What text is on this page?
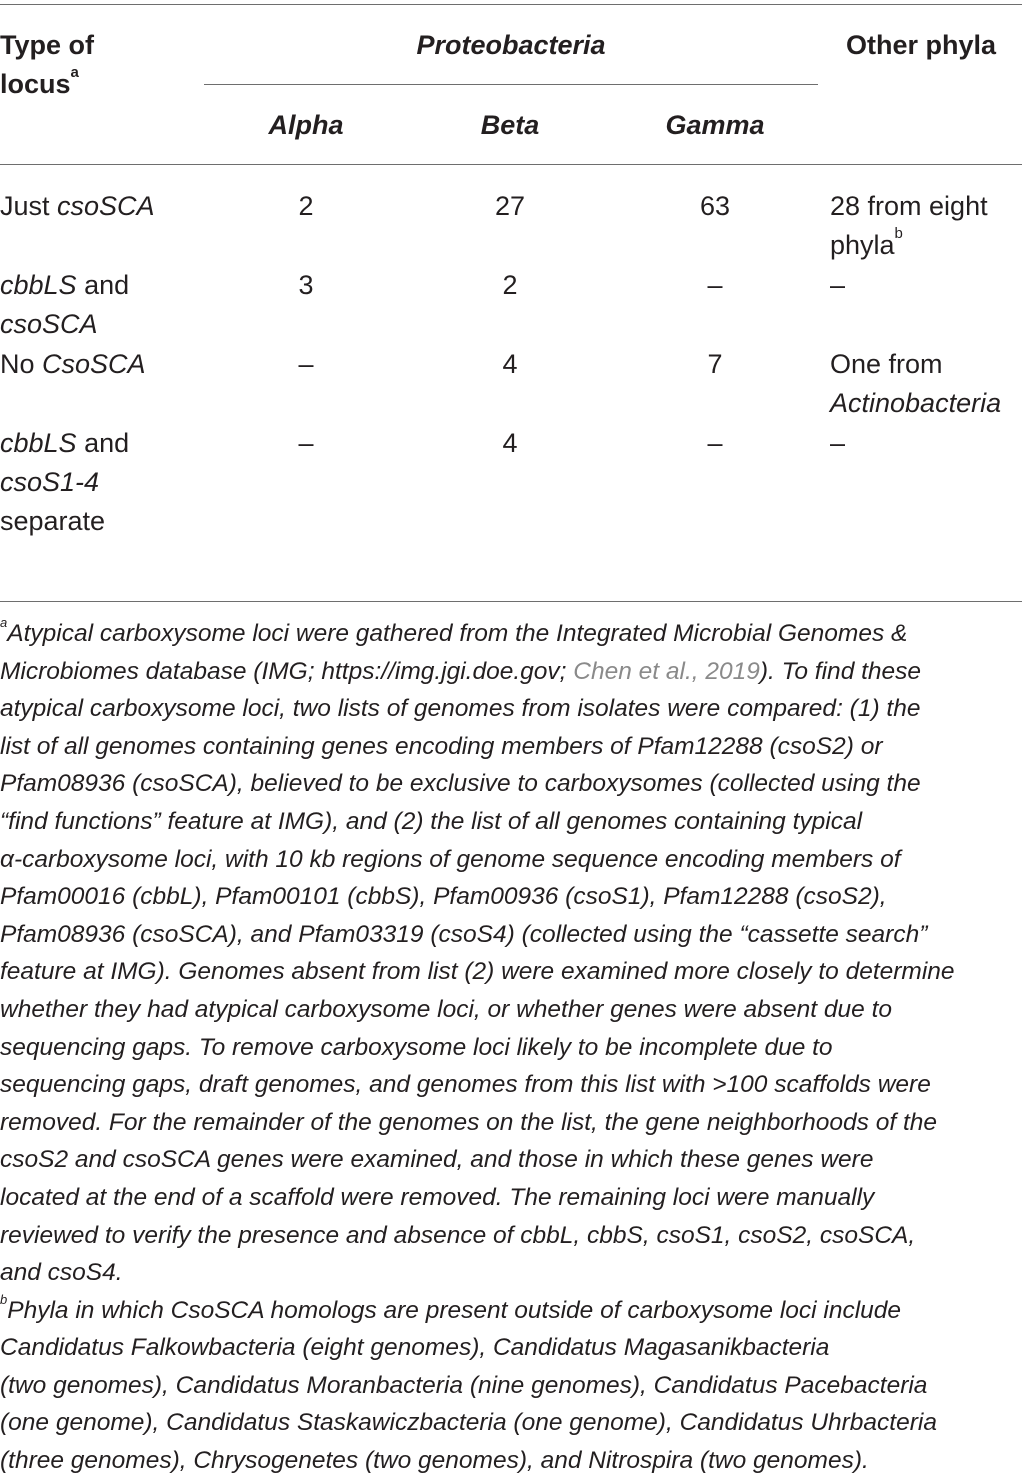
Type of
locus$^a$
Proteobacteria	Other phyla
Alpha	Beta	Gamma
Just csoSCA	2	27	63	28 from eight
phyla$^b$
cbbLS and
csoSCA
3	2	–	–
No CsoSCA	–	4	7	One from
Actinobacteria
cbbLS and
csoS1-4
separate
–	4	–	–

$^a$Atypical carboxysome loci were gathered from the Integrated Microbial Genomes &
Microbiomes database (IMG; https://img.jgi.doe.gov; Chen et al., 2019). To find these
atypical carboxysome loci, two lists of genomes from isolates were compared: (1) the
list of all genomes containing genes encoding members of Pfam12288 (csoS2) or
Pfam08936 (csoSCA), believed to be exclusive to carboxysomes (collected using the
“find functions” feature at IMG), and (2) the list of all genomes containing typical
α-carboxysome loci, with 10 kb regions of genome sequence encoding members of
Pfam00016 (cbbL), Pfam00101 (cbbS), Pfam00936 (csoS1), Pfam12288 (csoS2),
Pfam08936 (csoSCA), and Pfam03319 (csoS4) (collected using the “cassette search”
feature at IMG). Genomes absent from list (2) were examined more closely to determine
whether they had atypical carboxysome loci, or whether genes were absent due to
sequencing gaps. To remove carboxysome loci likely to be incomplete due to
sequencing gaps, draft genomes, and genomes from this list with >100 scaffolds were
removed. For the remainder of the genomes on the list, the gene neighborhoods of the
csoS2 and csoSCA genes were examined, and those in which these genes were
located at the end of a scaffold were removed. The remaining loci were manually
reviewed to verify the presence and absence of cbbL, cbbS, csoS1, csoS2, csoSCA,
and csoS4.

$^b$Phyla in which CsoSCA homologs are present outside of carboxysome loci include
Candidatus Falkowbacteria (eight genomes), Candidatus Magasanikbacteria
(two genomes), Candidatus Moranbacteria (nine genomes), Candidatus Pacebacteria
(one genome), Candidatus Staskawiczbacteria (one genome), Candidatus Uhrbacteria
(three genomes), Chrysogenetes (two genomes), and Nitrospira (two genomes).
